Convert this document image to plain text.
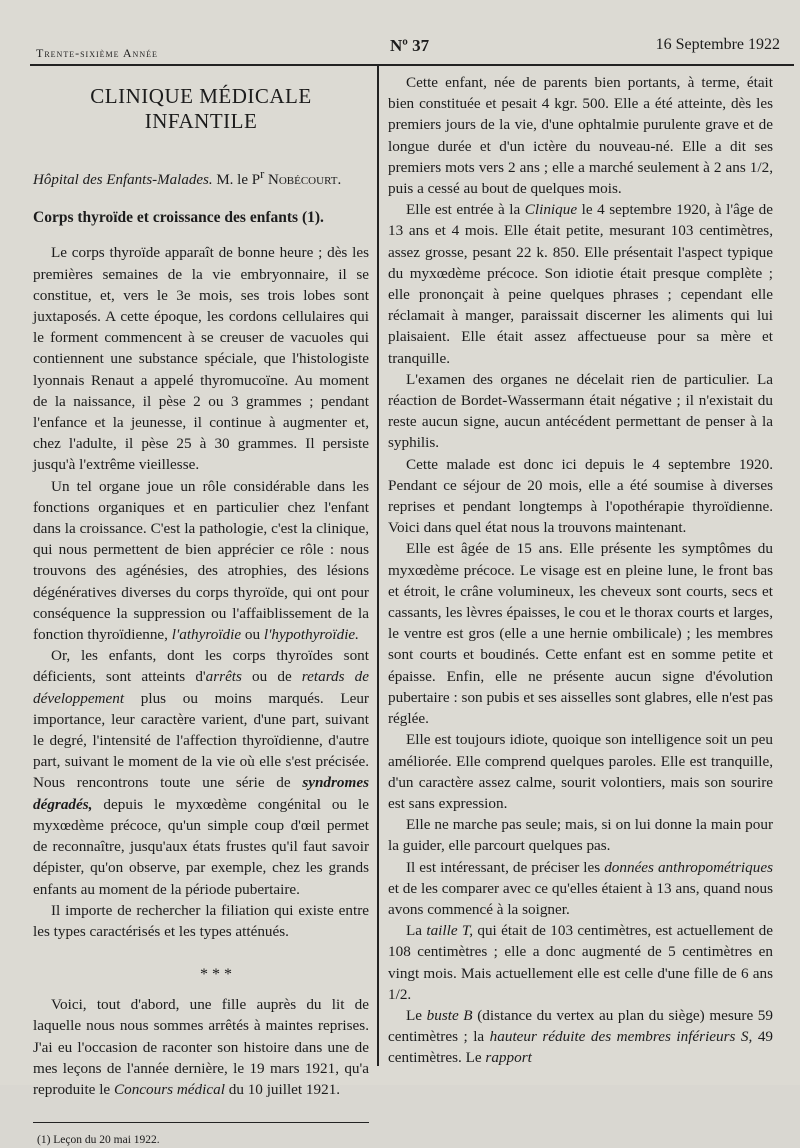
Trente-sixième Année	Nº 37	16 Septembre 1922
CLINIQUE MÉDICALE INFANTILE

Hôpital des Enfants-Malades. M. le $P^r$ Nobécourt.

Corps thyroïde et croissance des enfants (1).

Le corps thyroïde apparaît de bonne heure ; dès les premières semaines de la vie embryonnaire, il se constitue, et, vers le 3e mois, ses trois lobes sont juxtaposés. A cette époque, les cordons cellulaires qui le forment commencent à se creuser de vacuoles qui contiennent une substance spéciale, que l'histologiste lyonnais Renaut a appelé thyromucoïne. Au moment de la naissance, il pèse 2 ou 3 grammes ; pendant l'enfance et la jeunesse, il continue à augmenter et, chez l'adulte, il pèse 25 à 30 grammes. Il persiste jusqu'à l'extrême vieillesse.

Un tel organe joue un rôle considérable dans les fonctions organiques et en particulier chez l'enfant dans la croissance. C'est la pathologie, c'est la clinique, qui nous permettent de bien apprécier ce rôle : nous trouvons des agénésies, des atrophies, des lésions dégénératives diverses du corps thyroïde, qui ont pour conséquence la suppression ou l'affaiblissement de la fonction thyroïdienne, l'athyroïdie ou l'hypothyroïdie.

Or, les enfants, dont les corps thyroïdes sont déficients, sont atteints d'arrêts ou de retards de développement plus ou moins marqués. Leur importance, leur caractère varient, d'une part, suivant le degré, l'intensité de l'affection thyroïdienne, d'autre part, suivant le moment de la vie où elle s'est précisée. Nous rencontrons toute une série de syndromes dégradés, depuis le myxœdème congénital ou le myxœdème précoce, qu'un simple coup d'œil permet de reconnaître, jusqu'aux états frustes qu'il faut savoir dépister, qu'on observe, par exemple, chez les grands enfants au moment de la période pubertaire.

Il importe de rechercher la filiation qui existe entre les types caractérisés et les types atténués.

* * *

Voici, tout d'abord, une fille auprès du lit de laquelle nous nous sommes arrêtés à maintes reprises. J'ai eu l'occasion de raconter son histoire dans une de mes leçons de l'année dernière, le 19 mars 1921, qu'a reproduite le Concours médical du 10 juillet 1921.

(1) Leçon du 20 mai 1922.

Cette enfant, née de parents bien portants, à terme, était bien constituée et pesait 4 kgr. 500. Elle a été atteinte, dès les premiers jours de la vie, d'une ophtalmie purulente grave et de longue durée et d'un ictère du nouveau-né. Elle a dit ses premiers mots vers 2 ans ; elle a marché seulement à 2 ans 1/2, puis a cessé au bout de quelques mois.

Elle est entrée à la Clinique le 4 septembre 1920, à l'âge de 13 ans et 4 mois. Elle était petite, mesurant 103 centimètres, assez grosse, pesant 22 k. 850. Elle présentait l'aspect typique du myxœdème précoce. Son idiotie était presque complète ; elle prononçait à peine quelques phrases ; cependant elle réclamait à manger, paraissait discerner les aliments qui lui plaisaient. Elle était assez affectueuse pour sa mère et tranquille.

L'examen des organes ne décelait rien de particulier. La réaction de Bordet-Wassermann était négative ; il n'existait du reste aucun signe, aucun antécédent permettant de penser à la syphilis.

Cette malade est donc ici depuis le 4 septembre 1920. Pendant ce séjour de 20 mois, elle a été soumise à diverses reprises et pendant longtemps à l'opothérapie thyroïdienne. Voici dans quel état nous la trouvons maintenant.

Elle est âgée de 15 ans. Elle présente les symptômes du myxœdème précoce. Le visage est en pleine lune, le front bas et étroit, le crâne volumineux, les cheveux sont courts, secs et cassants, les lèvres épaisses, le cou et le thorax courts et larges, le ventre est gros (elle a une hernie ombilicale) ; les membres sont courts et boudinés. Cette enfant est en somme petite et épaisse. Enfin, elle ne présente aucun signe d'évolution pubertaire : son pubis et ses aisselles sont glabres, elle n'est pas réglée.

Elle est toujours idiote, quoique son intelligence soit un peu améliorée. Elle comprend quelques paroles. Elle est tranquille, d'un caractère assez calme, sourit volontiers, mais son sourire est sans expression.

Elle ne marche pas seule; mais, si on lui donne la main pour la guider, elle parcourt quelques pas.

Il est intéressant, de préciser les données anthropométriques et de les comparer avec ce qu'elles étaient à 13 ans, quand nous avons commencé à la soigner.

La taille T, qui était de 103 centimètres, est actuellement de 108 centimètres ; elle a donc augmenté de 5 centimètres en vingt mois. Mais actuellement elle est celle d'une fille de 6 ans 1/2.

Le buste B (distance du vertex au plan du siège) mesure 59 centimètres ; la hauteur réduite des membres inférieurs S, 49 centimètres. Le rapport
